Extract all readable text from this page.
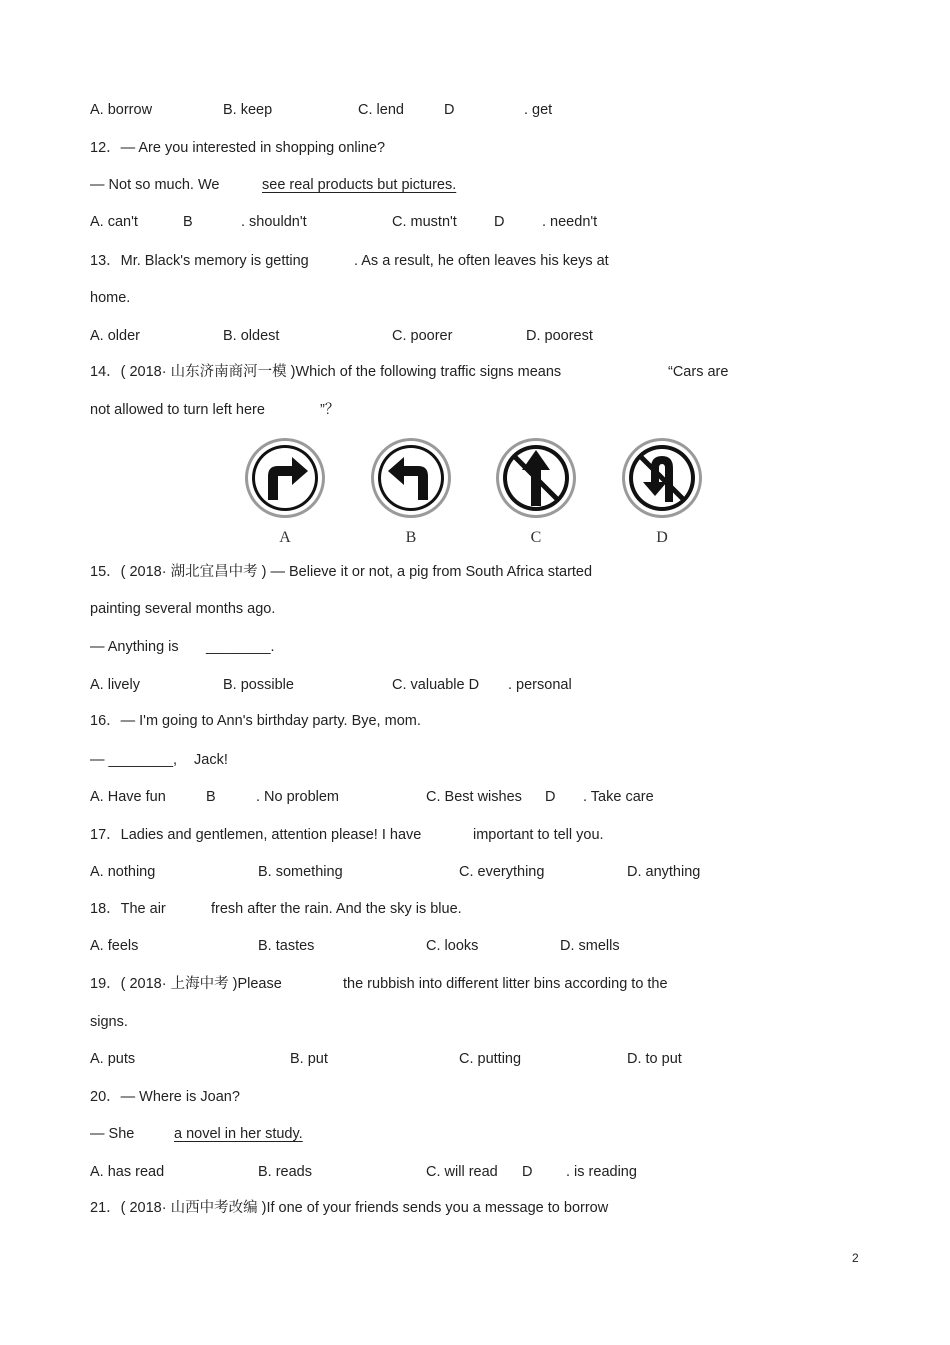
A. borrow	B. keep	C. lend	D	. get
12．— Are you interested in shopping online?
— Not so much. We	see real products but pictures.
A. can't	B	. shouldn't	C. mustn't	D	. needn't
13．Mr. Black's memory is getting	. As a result, he often leaves his keys at
home.
A. older	B. oldest	C. poorer	D. poorest
14．( 2018· 山东济南商河一模 )Which of the following traffic signs means	“Cars are
not allowed to turn left here	”？
A	B	C	D
15．( 2018· 湖北宜昌中考 ) — Believe it or not, a pig from South Africa started
painting several months ago.
— Anything is ________.
A. lively	B. possible	C. valuable D . personal
16．— I'm going to Ann's birthday party. Bye, mom.
— ________, Jack!
A. Have fun	B	. No problem	C. Best wishes D . Take care
17．Ladies and gentlemen, attention please! I have	important to tell you.
A. nothing	B. something	C. everything	D. anything
18．The air	fresh after the rain. And the sky is blue.
A. feels	B. tastes	C. looks	D. smells
19．( 2018· 上海中考 )Please	the rubbish into different litter bins according to the
signs.
A. puts	B. put	C. putting	D. to put
20．— Where is Joan?
— She	a novel in her study.
A. has read	B. reads	C. will read D . is reading
21．( 2018· 山西中考改编 )If one of your friends sends you a message to borrow
2
